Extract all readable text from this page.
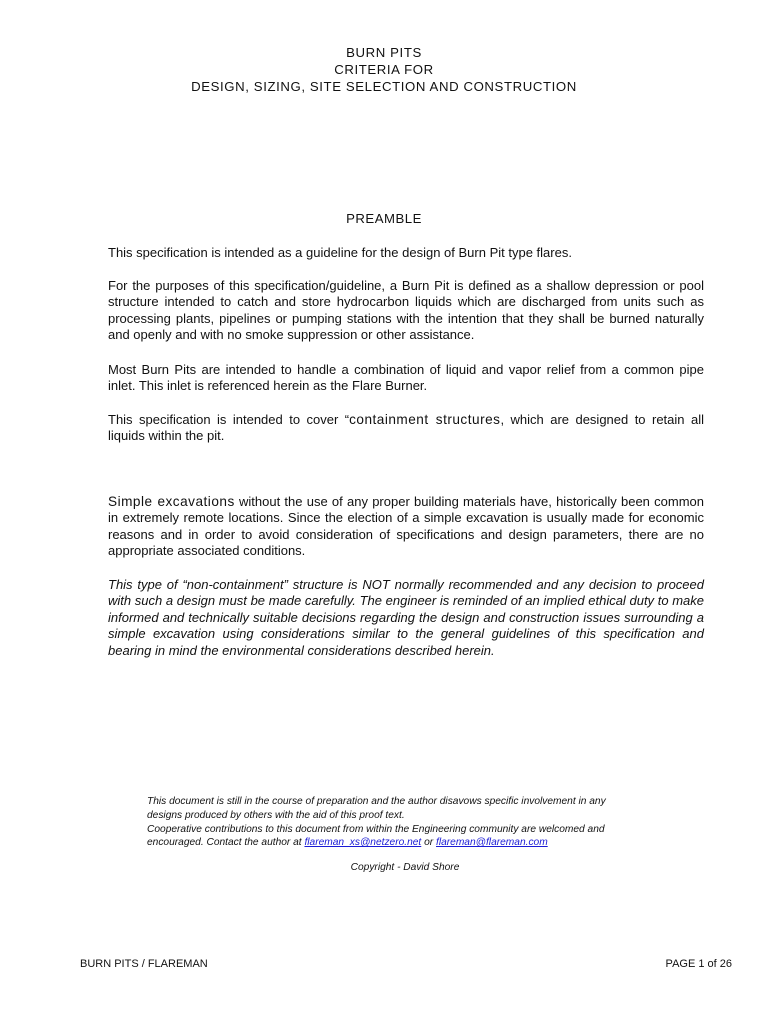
BURN PITS
CRITERIA FOR
DESIGN, SIZING, SITE SELECTION AND CONSTRUCTION
PREAMBLE
This specification is intended as a guideline for the design of Burn Pit type flares.
For the purposes of this specification/guideline, a Burn Pit is defined as a shallow depression or pool structure intended to catch and store hydrocarbon liquids which are discharged from units such as processing plants, pipelines or pumping stations with the intention that they shall be burned naturally and openly and with no smoke suppression or other assistance.
Most Burn Pits are intended to handle a combination of liquid and vapor relief from a common pipe inlet. This inlet is referenced herein as the Flare Burner.
This specification is intended to cover “containment structures, which are designed to retain all liquids within the pit.
Simple excavations without the use of any proper building materials have, historically been common in extremely remote locations. Since the election of a simple excavation is usually made for economic reasons and in order to avoid consideration of specifications and design parameters, there are no appropriate associated conditions.
This type of “non-containment” structure is NOT normally recommended and any decision to proceed with such a design must be made carefully. The engineer is reminded of an implied ethical duty to make informed and technically suitable decisions regarding the design and construction issues surrounding a simple excavation using considerations similar to the general guidelines of this specification and bearing in mind the environmental considerations described herein.
This document is still in the course of preparation and the author disavows specific involvement in any
designs produced by others with the aid of this proof text.
Cooperative contributions to this document from within the Engineering community are welcomed and
encouraged. Contact the author at flareman_xs@netzero.net or flareman@flareman.com
Copyright - David Shore
BURN PITS / FLAREMAN	PAGE 1 of 26
